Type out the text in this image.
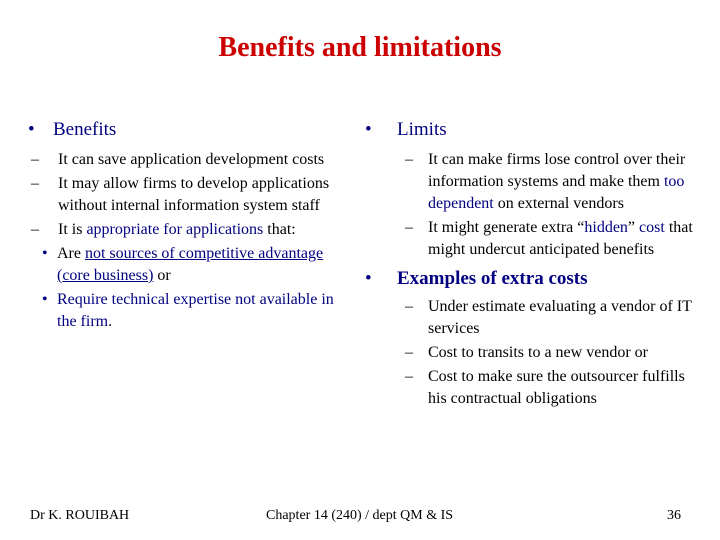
Benefits and limitations
• Benefits
– It can save application development costs
– It may allow firms to develop applications without internal information system staff
– It is appropriate for applications that:
• Are not sources of competitive advantage (core business) or
• Require technical expertise not available in the firm.
• Limits
– It can make firms lose control over their information systems and make them too dependent on external vendors
– It might generate extra “hidden” cost that might undercut anticipated benefits
• Examples of extra costs
– Under estimate evaluating a vendor of IT services
– Cost to transits to a new vendor or
– Cost to make sure the outsourcer fulfills his contractual obligations
Dr K. ROUIBAH	Chapter 14 (240) / dept QM & IS	36
